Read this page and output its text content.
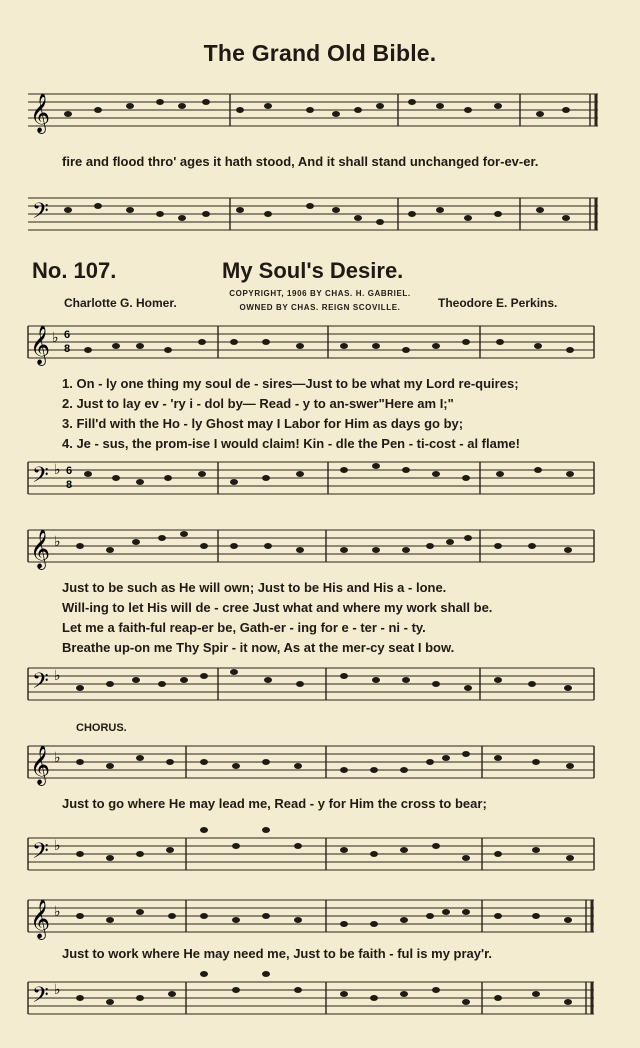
The Grand Old Bible.
𝄞
fire and flood thro' ages it hath stood, And it shall stand unchanged for-ev-er.
𝄢
No. 107.	My Soul's Desire.
COPYRIGHT, 1906 BY CHAS. H. GABRIEL.
OWNED BY CHAS. REIGN SCOVILLE.
Charlotte G. Homer.	Theodore E. Perkins.
𝄞 ♭ 6
8
1. On - ly one thing my soul de - sires—Just to be what my Lord re-quires;
2. Just to lay ev - 'ry i - dol by— Read - y to an-swer"Here am I;"
3. Fill'd with the Ho - ly Ghost may I Labor for Him as days go by;
4. Je - sus, the prom-ise I would claim! Kin - dle the Pen - ti-cost - al flame!
𝄢 ♭ 6
8
𝄞 ♭
Just to be such as He will own; Just to be His and His a - lone.
Will-ing to let His will de - cree Just what and where my work shall be.
Let me a faith-ful reap-er be, Gath-er - ing for e - ter - ni - ty.
Breathe up-on me Thy Spir - it now, As at the mer-cy seat I bow.
𝄢 ♭
CHORUS.
𝄞 ♭
Just to go where He may lead me, Read - y for Him the cross to bear;
𝄢 ♭
𝄞 ♭
Just to work where He may need me, Just to be faith - ful is my pray'r.
𝄢 ♭
